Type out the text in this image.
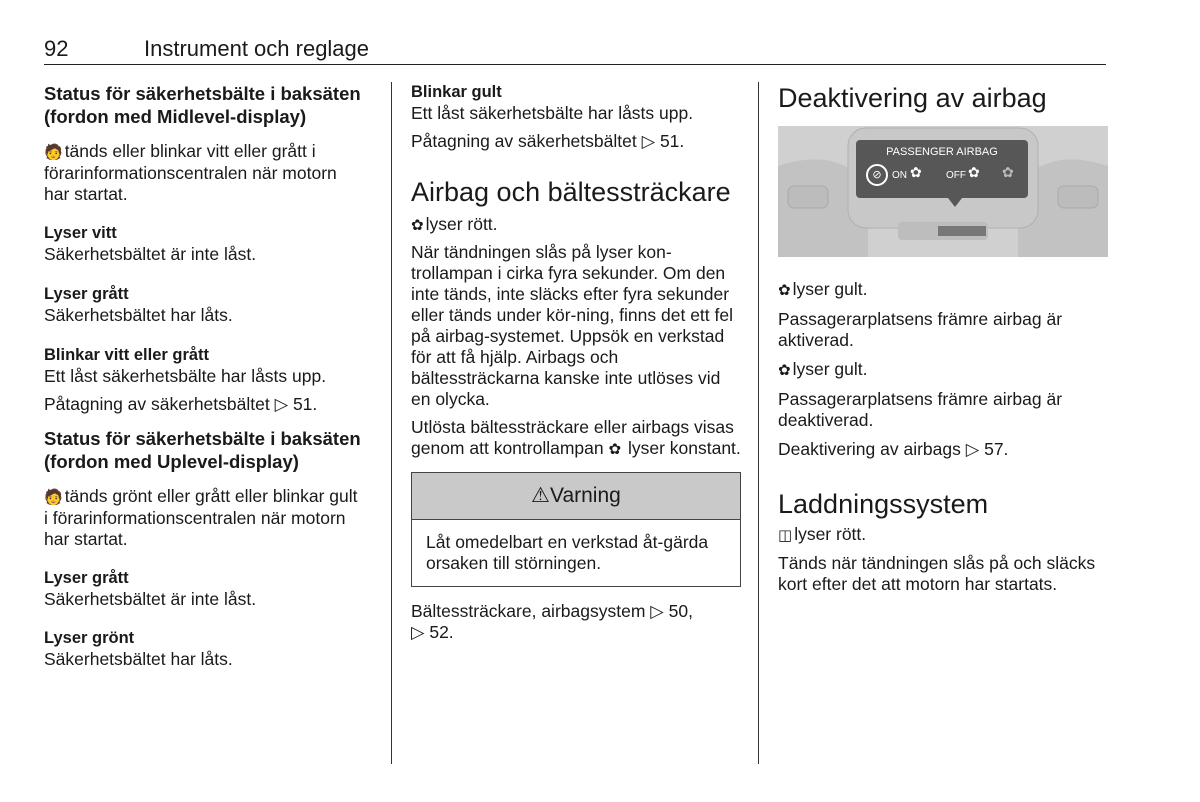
92	Instrument och reglage

Status för säkerhetsbälte i baksäten (fordon med Midlevel-display)

🧑 tänds eller blinkar vitt eller grått i förarinformationscentralen när motorn har startat.

Lyser vitt

Säkerhetsbältet är inte låst.

Lyser grått

Säkerhetsbältet har låts.

Blinkar vitt eller grått

Ett låst säkerhetsbälte har låsts upp.

Påtagning av säkerhetsbältet ▷ 51.

Status för säkerhetsbälte i baksäten (fordon med Uplevel-display)

🧑 tänds grönt eller grått eller blinkar gult i förarinformationscentralen när motorn har startat.

Lyser grått

Säkerhetsbältet är inte låst.

Lyser grönt

Säkerhetsbältet har låts.

Blinkar gult

Ett låst säkerhetsbälte har låsts upp.

Påtagning av säkerhetsbältet ▷ 51.

Airbag och bältessträckare

✿ lyser rött.

När tändningen slås på lyser kon-trollampan i cirka fyra sekunder. Om den inte tänds, inte släcks efter fyra sekunder eller tänds under kör-ning, finns det ett fel på airbag-systemet. Uppsök en verkstad för att få hjälp. Airbags och bältessträckarna kanske inte utlöses vid en olycka.

Utlösta bältessträckare eller airbags visas genom att kontrollampan ✿ lyser konstant.

⚠Varning
Låt omedelbart en verkstad åt-gärda orsaken till störningen.

Bältessträckare, airbagsystem ▷ 50,
▷ 52.

Deaktivering av airbag

PASSENGER AIRBAG
⊘	ON ✿ OFF ✿ ✿

✿ lyser gult.

Passagerarplatsens främre airbag är aktiverad.

✿ lyser gult.

Passagerarplatsens främre airbag är deaktiverad.

Deaktivering av airbags ▷ 57.

Laddningssystem

◫ lyser rött.

Tänds när tändningen slås på och släcks kort efter det att motorn har startats.
